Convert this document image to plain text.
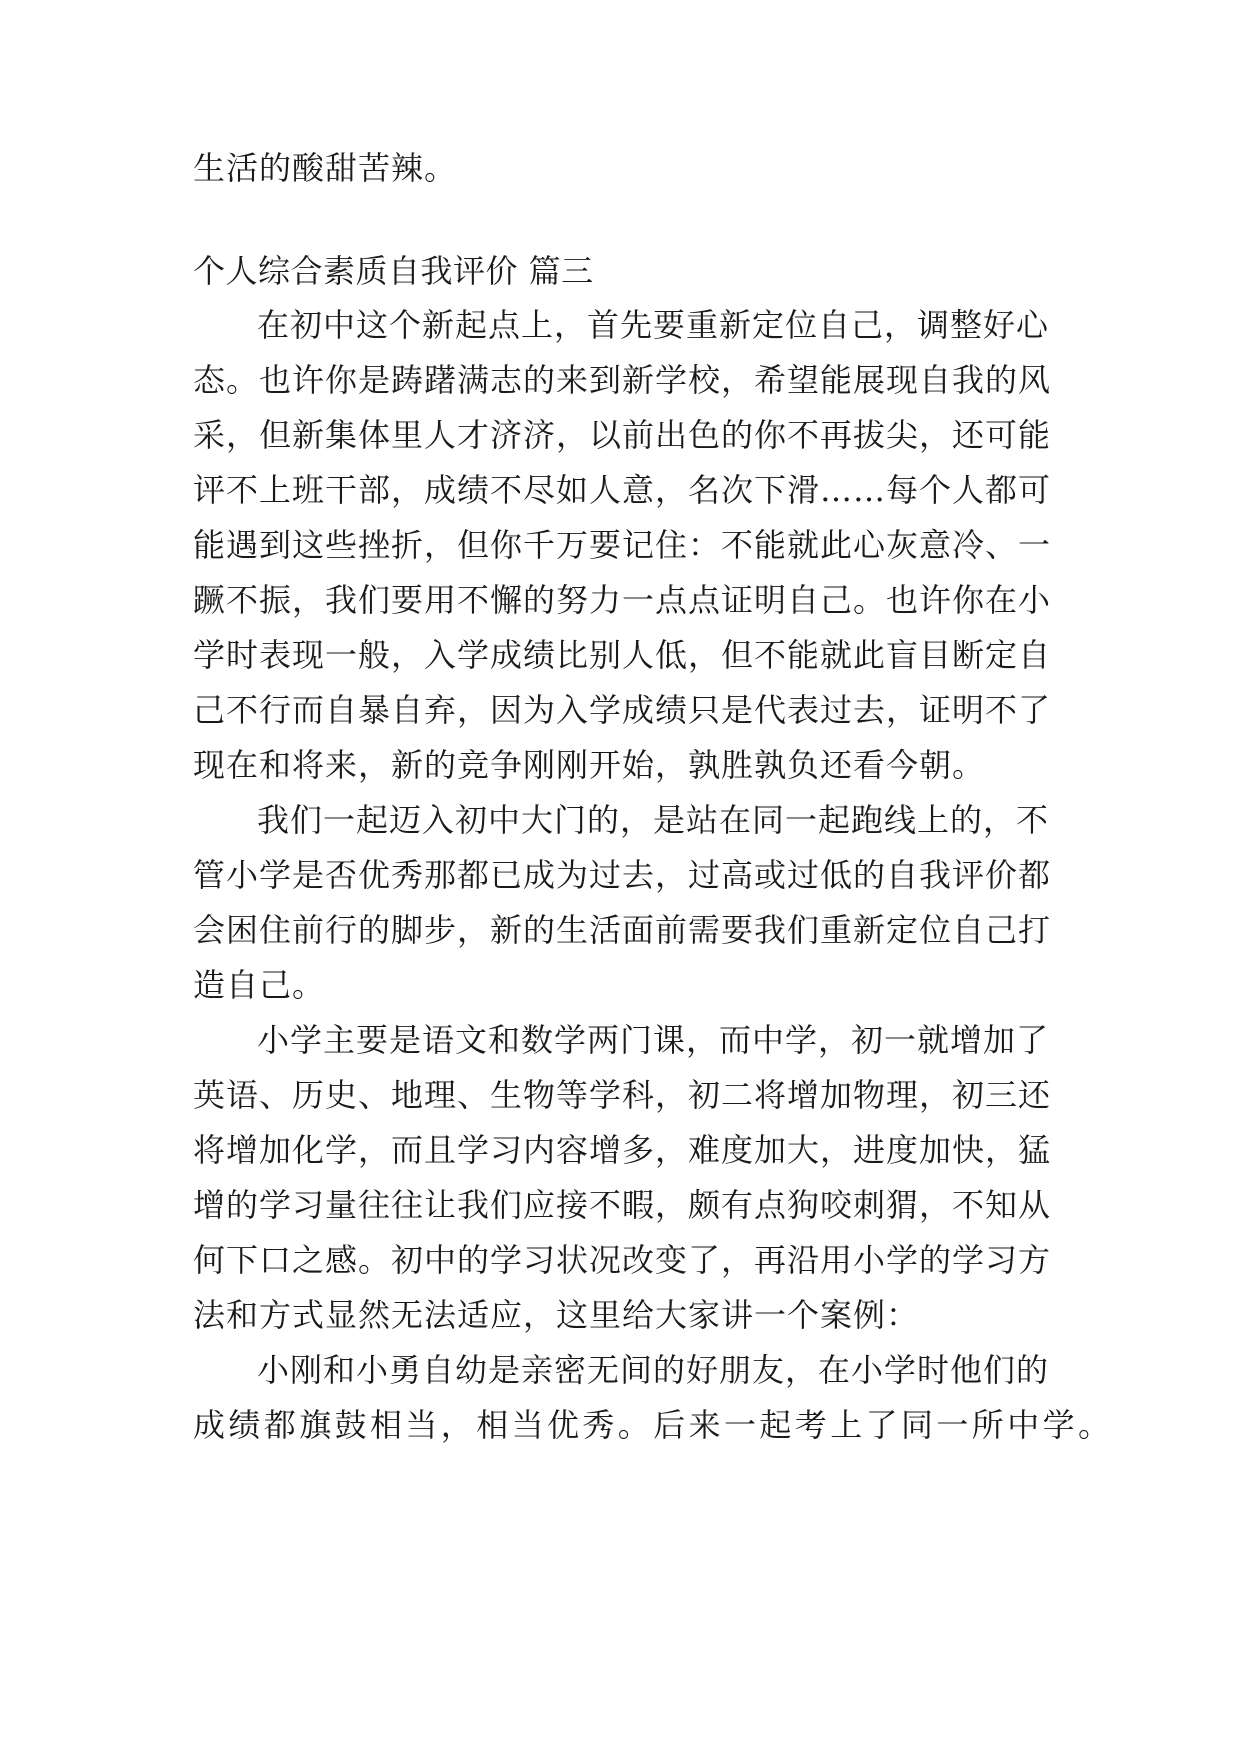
生活的酸甜苦辣。
个人综合素质自我评价 篇三
在初中这个新起点上，首先要重新定位自己，调整好心
态。也许你是踌躇满志的来到新学校，希望能展现自我的风
采，但新集体里人才济济，以前出色的你不再拔尖，还可能
评不上班干部，成绩不尽如人意，名次下滑……每个人都可
能遇到这些挫折，但你千万要记住：不能就此心灰意冷、一
蹶不振，我们要用不懈的努力一点点证明自己。也许你在小
学时表现一般，入学成绩比别人低，但不能就此盲目断定自
己不行而自暴自弃，因为入学成绩只是代表过去，证明不了
现在和将来，新的竞争刚刚开始，孰胜孰负还看今朝。
我们一起迈入初中大门的，是站在同一起跑线上的，不
管小学是否优秀那都已成为过去，过高或过低的自我评价都
会困住前行的脚步，新的生活面前需要我们重新定位自己打
造自己。
小学主要是语文和数学两门课，而中学，初一就增加了
英语、历史、地理、生物等学科，初二将增加物理，初三还
将增加化学，而且学习内容增多，难度加大，进度加快，猛
增的学习量往往让我们应接不暇，颇有点狗咬刺猬，不知从
何下口之感。初中的学习状况改变了，再沿用小学的学习方
法和方式显然无法适应，这里给大家讲一个案例：
小刚和小勇自幼是亲密无间的好朋友，在小学时他们的
成绩都旗鼓相当，相当优秀。后来一起考上了同一所中学。
